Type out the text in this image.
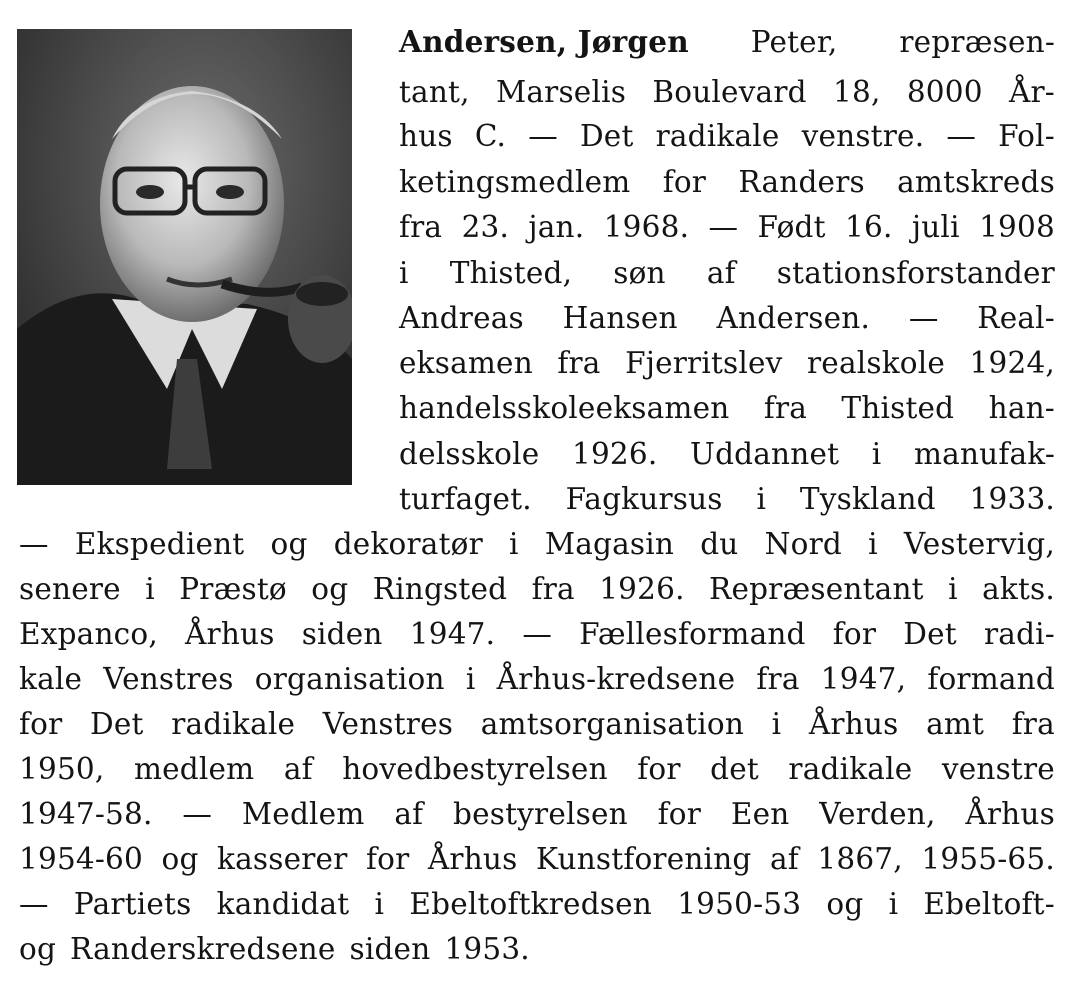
Andersen, Jørgen Peter, repræsen-
tant, Marselis Boulevard 18, 8000 År-
hus C. — Det radikale venstre. — Fol-
ketingsmedlem for Randers amtskreds
fra 23. jan. 1968. — Født 16. juli 1908
i Thisted, søn af stationsforstander
Andreas Hansen Andersen. — Real-
eksamen fra Fjerritslev realskole 1924,
handelsskoleeksamen fra Thisted han-
delsskole 1926. Uddannet i manufak-
turfaget. Fagkursus i Tyskland 1933.
— Ekspedient og dekoratør i Magasin du Nord i Vestervig,
senere i Præstø og Ringsted fra 1926. Repræsentant i akts.
Expanco, Århus siden 1947. — Fællesformand for Det radi-
kale Venstres organisation i Århus-kredsene fra 1947, formand
for Det radikale Venstres amtsorganisation i Århus amt fra
1950, medlem af hovedbestyrelsen for det radikale venstre
1947-58. — Medlem af bestyrelsen for Een Verden, Århus
1954-60 og kasserer for Århus Kunstforening af 1867, 1955-65.
— Partiets kandidat i Ebeltoftkredsen 1950-53 og i Ebeltoft-
og Randerskredsene siden 1953.
